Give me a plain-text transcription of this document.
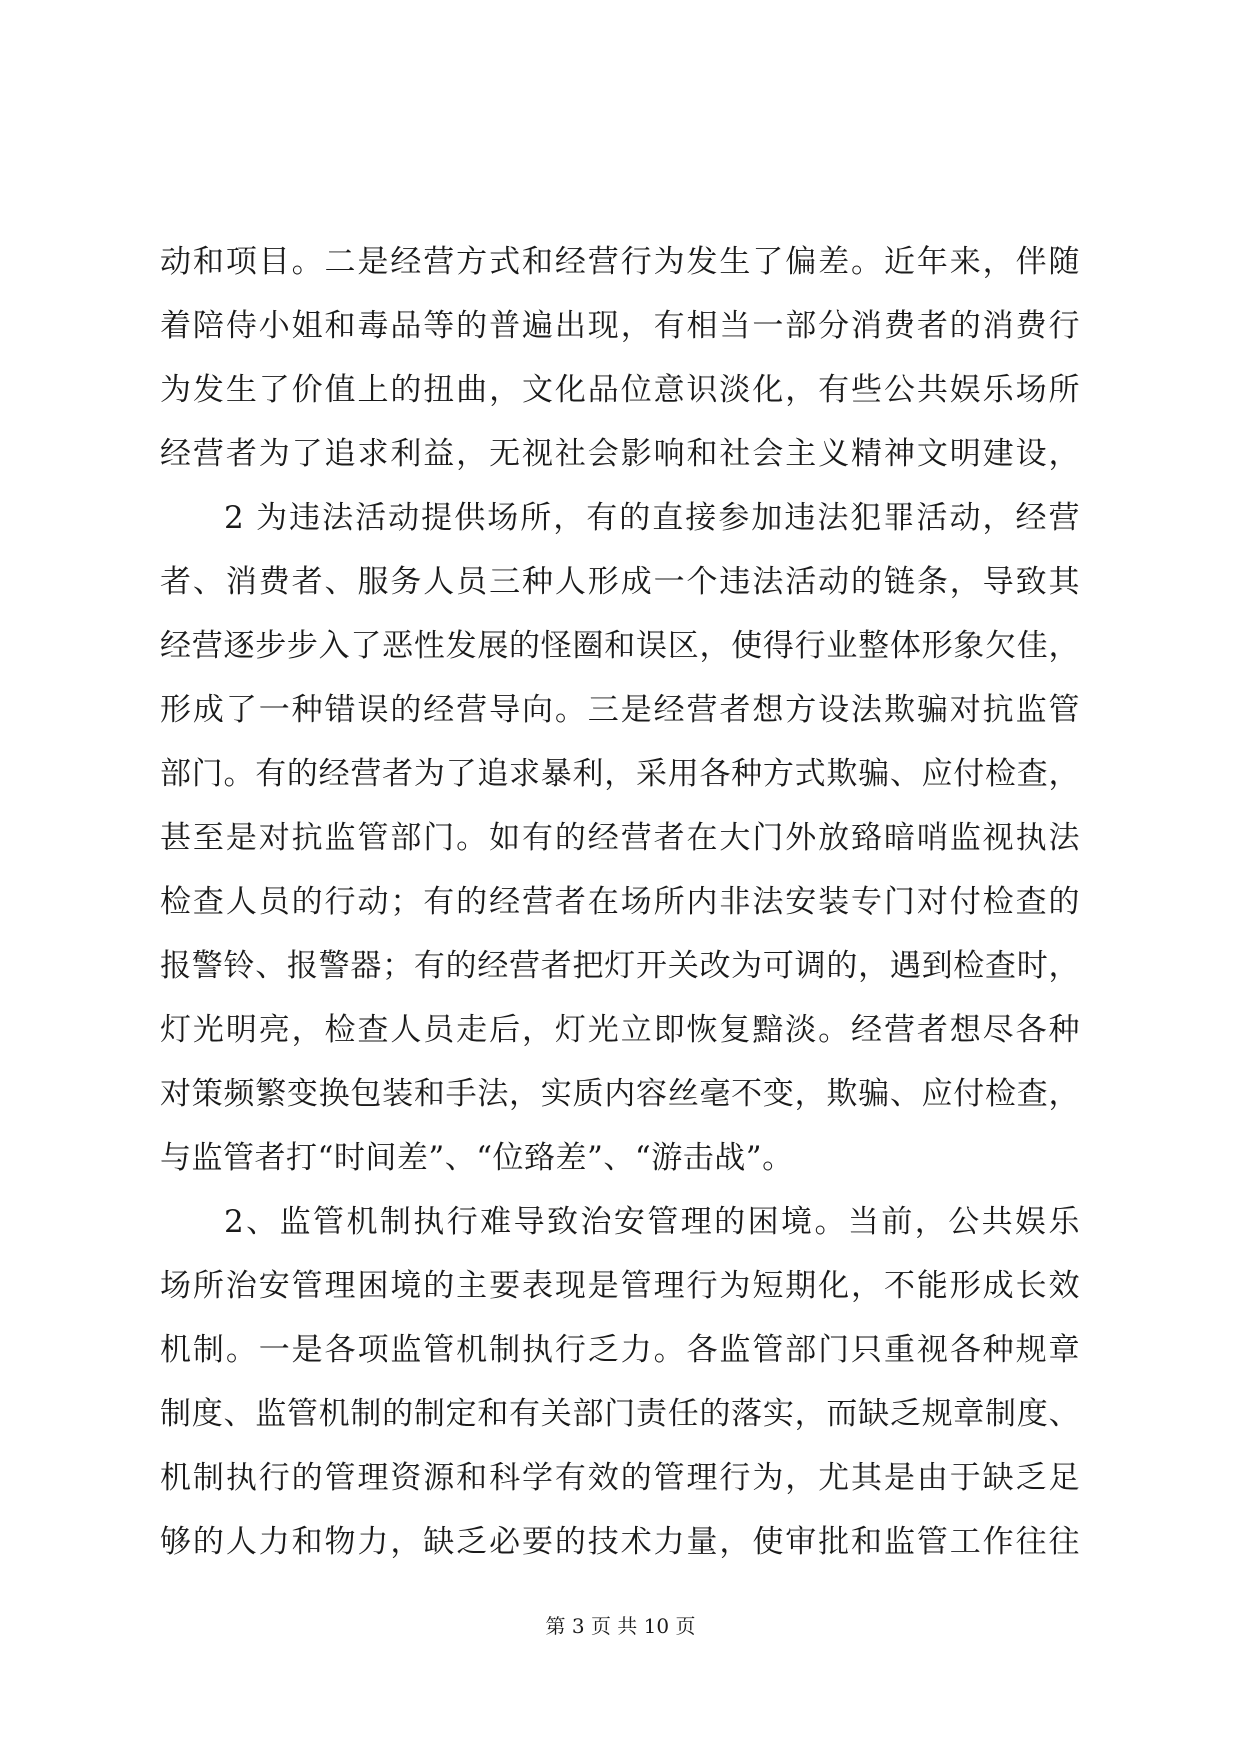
动和项目。二是经营方式和经营行为发生了偏差。近年来，伴随
着陪侍小姐和毒品等的普遍出现，有相当一部分消费者的消费行
为发生了价值上的扭曲，文化品位意识淡化，有些公共娱乐场所
经营者为了追求利益，无视社会影响和社会主义精神文明建设，
2 为违法活动提供场所，有的直接参加违法犯罪活动，经营
者、消费者、服务人员三种人形成一个违法活动的链条，导致其
经营逐步步入了恶性发展的怪圈和误区，使得行业整体形象欠佳，
形成了一种错误的经营导向。三是经营者想方设法欺骗对抗监管
部门。有的经营者为了追求暴利，采用各种方式欺骗、应付检查，
甚至是对抗监管部门。如有的经营者在大门外放臵暗哨监视执法
检查人员的行动；有的经营者在场所内非法安装专门对付检查的
报警铃、报警器；有的经营者把灯开关改为可调的，遇到检查时，
灯光明亮，检查人员走后，灯光立即恢复黯淡。经营者想尽各种
对策频繁变换包装和手法，实质内容丝毫不变，欺骗、应付检查，
与监管者打“时间差”、“位臵差”、“游击战”。
2、监管机制执行难导致治安管理的困境。当前，公共娱乐
场所治安管理困境的主要表现是管理行为短期化，不能形成长效
机制。一是各项监管机制执行乏力。各监管部门只重视各种规章
制度、监管机制的制定和有关部门责任的落实，而缺乏规章制度、
机制执行的管理资源和科学有效的管理行为，尤其是由于缺乏足
够的人力和物力，缺乏必要的技术力量，使审批和监管工作往往
第 3 页 共 10 页
